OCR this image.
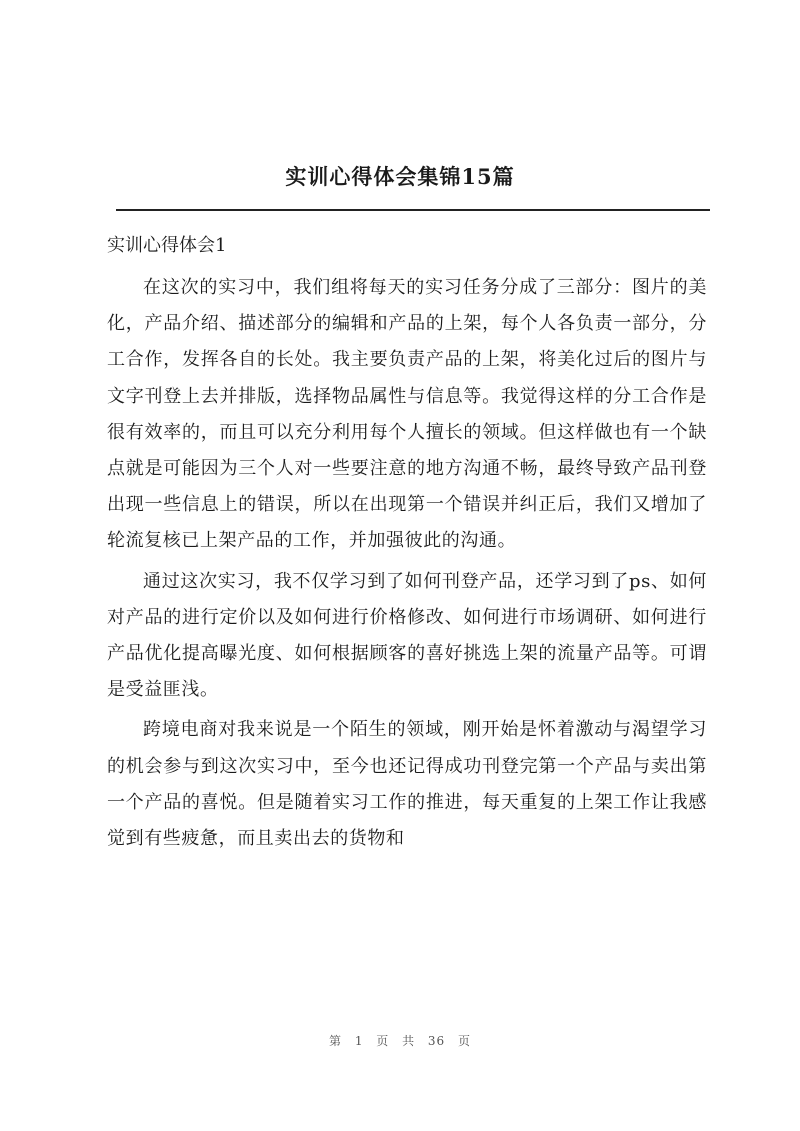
实训心得体会集锦15篇
实训心得体会1

在这次的实习中，我们组将每天的实习任务分成了三部分：图片的美化，产品介绍、描述部分的编辑和产品的上架，每个人各负责一部分，分工合作，发挥各自的长处。我主要负责产品的上架，将美化过后的图片与文字刊登上去并排版，选择物品属性与信息等。我觉得这样的分工合作是很有效率的，而且可以充分利用每个人擅长的领域。但这样做也有一个缺点就是可能因为三个人对一些要注意的地方沟通不畅，最终导致产品刊登出现一些信息上的错误，所以在出现第一个错误并纠正后，我们又增加了轮流复核已上架产品的工作，并加强彼此的沟通。

通过这次实习，我不仅学习到了如何刊登产品，还学习到了ps、如何对产品的进行定价以及如何进行价格修改、如何进行市场调研、如何进行产品优化提高曝光度、如何根据顾客的喜好挑选上架的流量产品等。可谓是受益匪浅。

跨境电商对我来说是一个陌生的领域，刚开始是怀着激动与渴望学习的机会参与到这次实习中，至今也还记得成功刊登完第一个产品与卖出第一个产品的喜悦。但是随着实习工作的推进，每天重复的上架工作让我感觉到有些疲惫，而且卖出去的货物和

第 1 页 共 36 页
